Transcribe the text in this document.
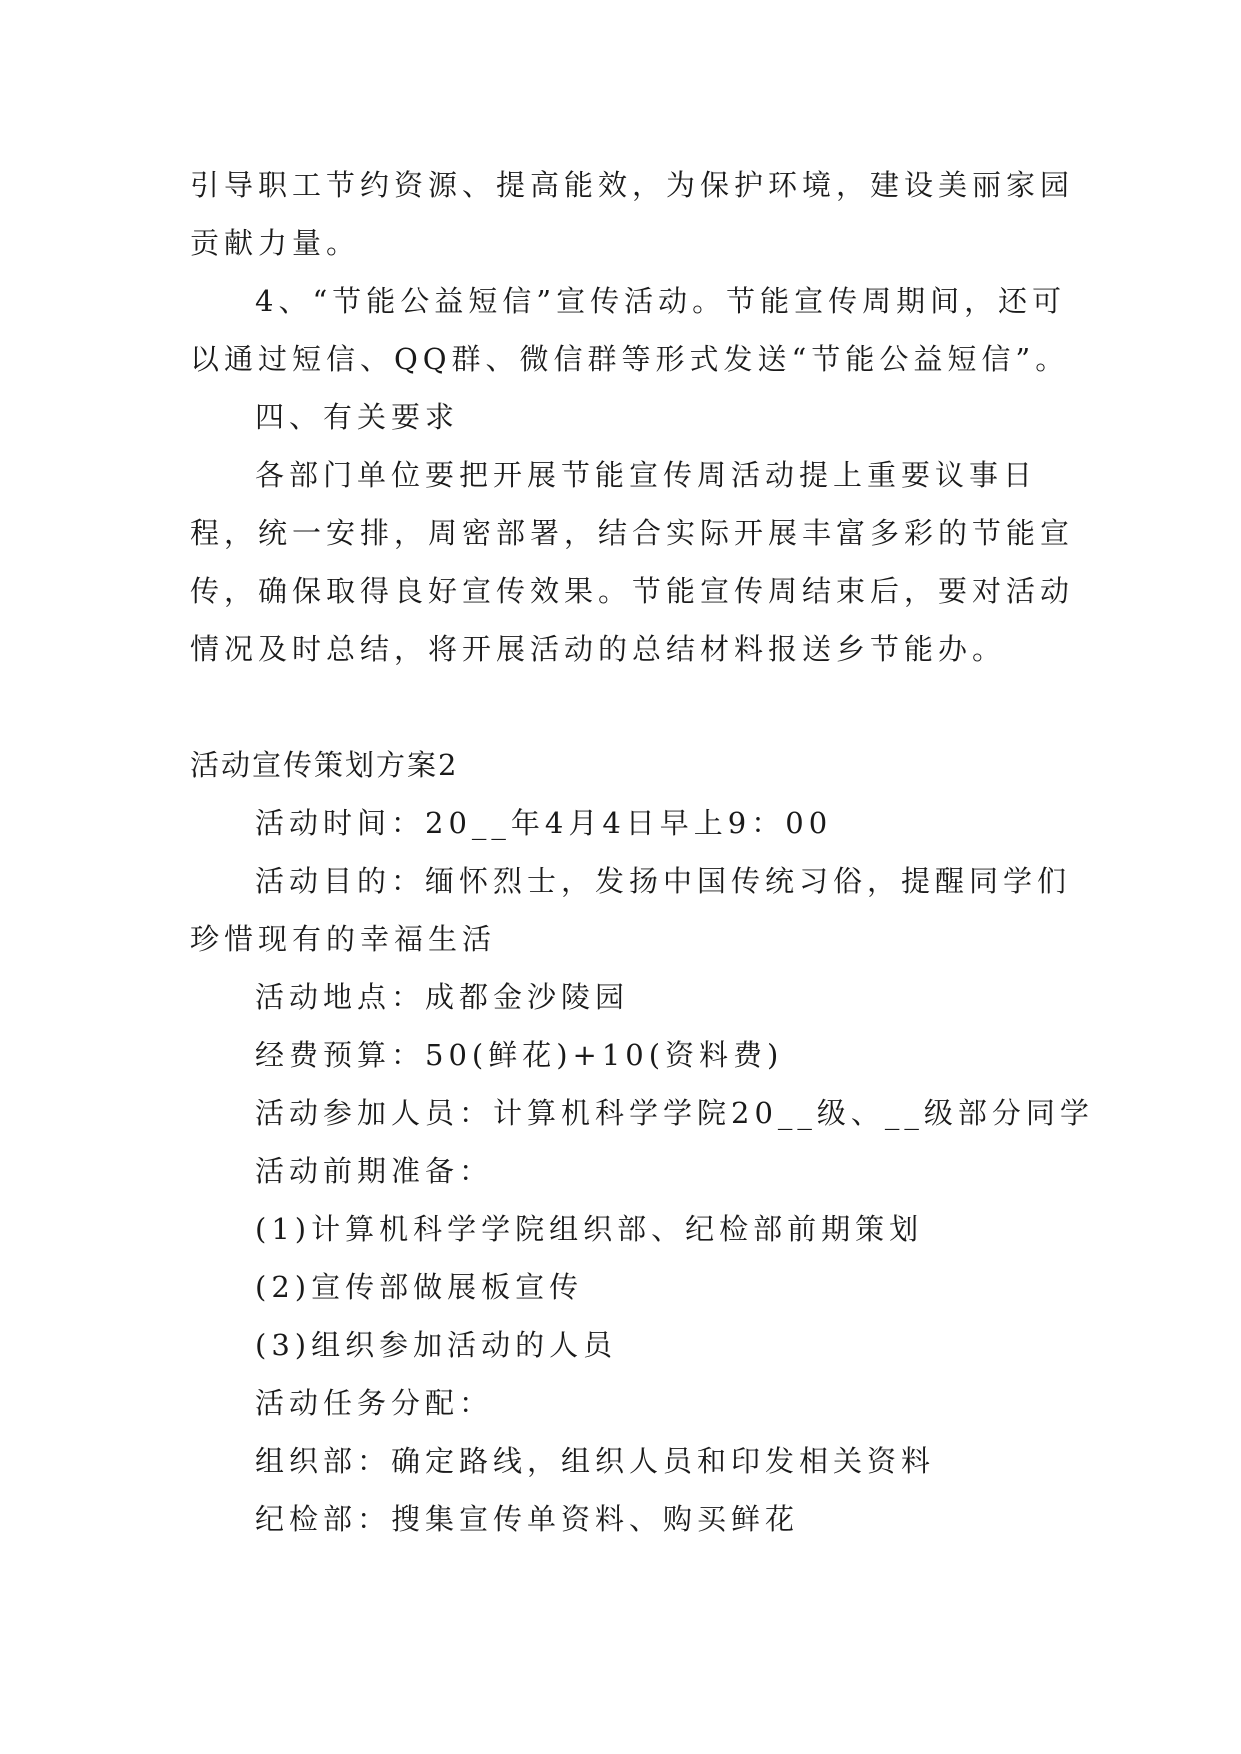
引导职工节约资源、提高能效，为保护环境，建设美丽家园
贡献力量。
4、“节能公益短信”宣传活动。节能宣传周期间，还可
以通过短信、QQ群、微信群等形式发送“节能公益短信”。
四、有关要求
各部门单位要把开展节能宣传周活动提上重要议事日
程，统一安排，周密部署，结合实际开展丰富多彩的节能宣
传，确保取得良好宣传效果。节能宣传周结束后，要对活动
情况及时总结，将开展活动的总结材料报送乡节能办。
活动宣传策划方案2
活动时间：20__年4月4日早上9：00
活动目的：缅怀烈士，发扬中国传统习俗，提醒同学们
珍惜现有的幸福生活
活动地点：成都金沙陵园
经费预算：50(鲜花)+10(资料费)
活动参加人员：计算机科学学院20__级、__级部分同学
活动前期准备：
(1)计算机科学学院组织部、纪检部前期策划
(2)宣传部做展板宣传
(3)组织参加活动的人员
活动任务分配：
组织部：确定路线，组织人员和印发相关资料
纪检部：搜集宣传单资料、购买鲜花
